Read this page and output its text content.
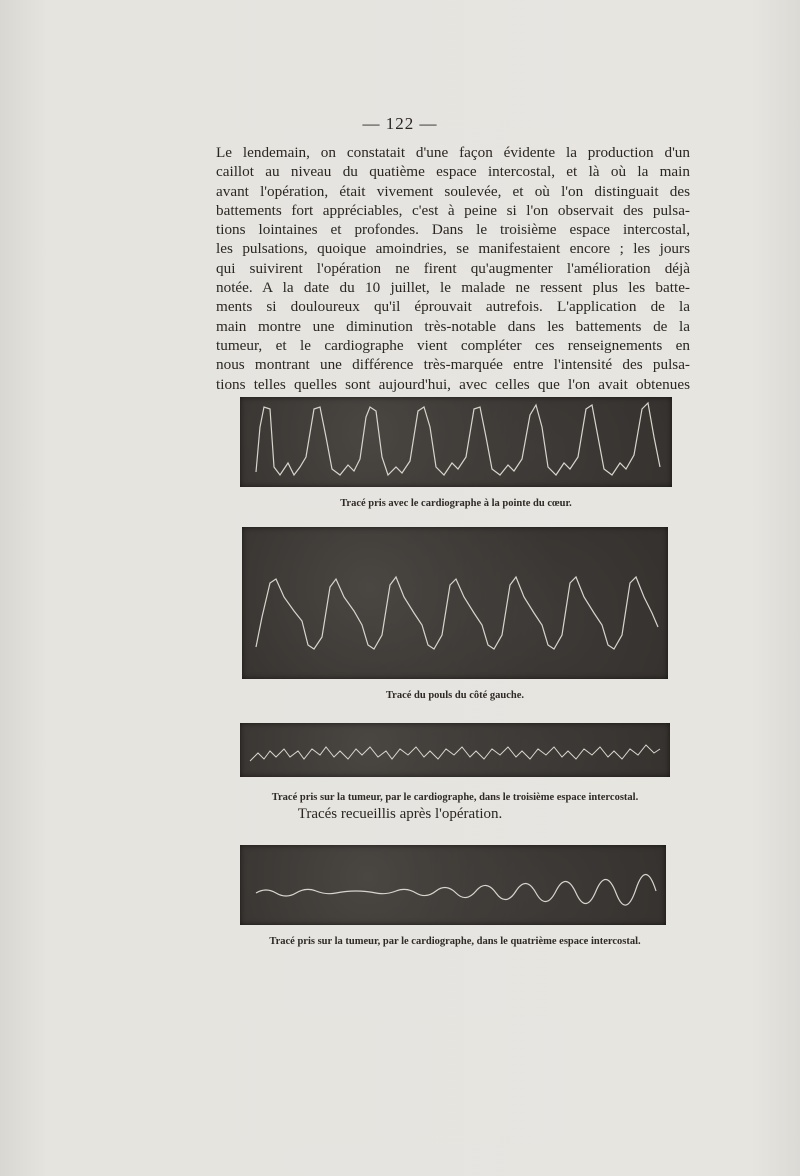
— 122 —
Le lendemain, on constatait d'une façon évidente la production d'un
caillot au niveau du quatième espace intercostal, et là où la main
avant l'opération, était vivement soulevée, et où l'on distinguait des
battements fort appréciables, c'est à peine si l'on observait des pulsa-
tions lointaines et profondes. Dans le troisième espace intercostal,
les pulsations, quoique amoindries, se manifestaient encore ; les jours
qui suivirent l'opération ne firent qu'augmenter l'amélioration déjà
notée. A la date du 10 juillet, le malade ne ressent plus les batte-
ments si douloureux qu'il éprouvait autrefois. L'application de la
main montre une diminution très-notable dans les battements de la
tumeur, et le cardiographe vient compléter ces renseignements en
nous montrant une différence très-marquée entre l'intensité des pulsa-
tions telles quelles sont aujourd'hui, avec celles que l'on avait obtenues
Tracé pris avec le cardiographe à la pointe du cœur.
Tracé du pouls du côté gauche.
Tracé pris sur la tumeur, par le cardiographe, dans le troisième espace intercostal.
Tracés recueillis après l'opération.
Tracé pris sur la tumeur, par le cardiographe, dans le quatrième espace intercostal.
